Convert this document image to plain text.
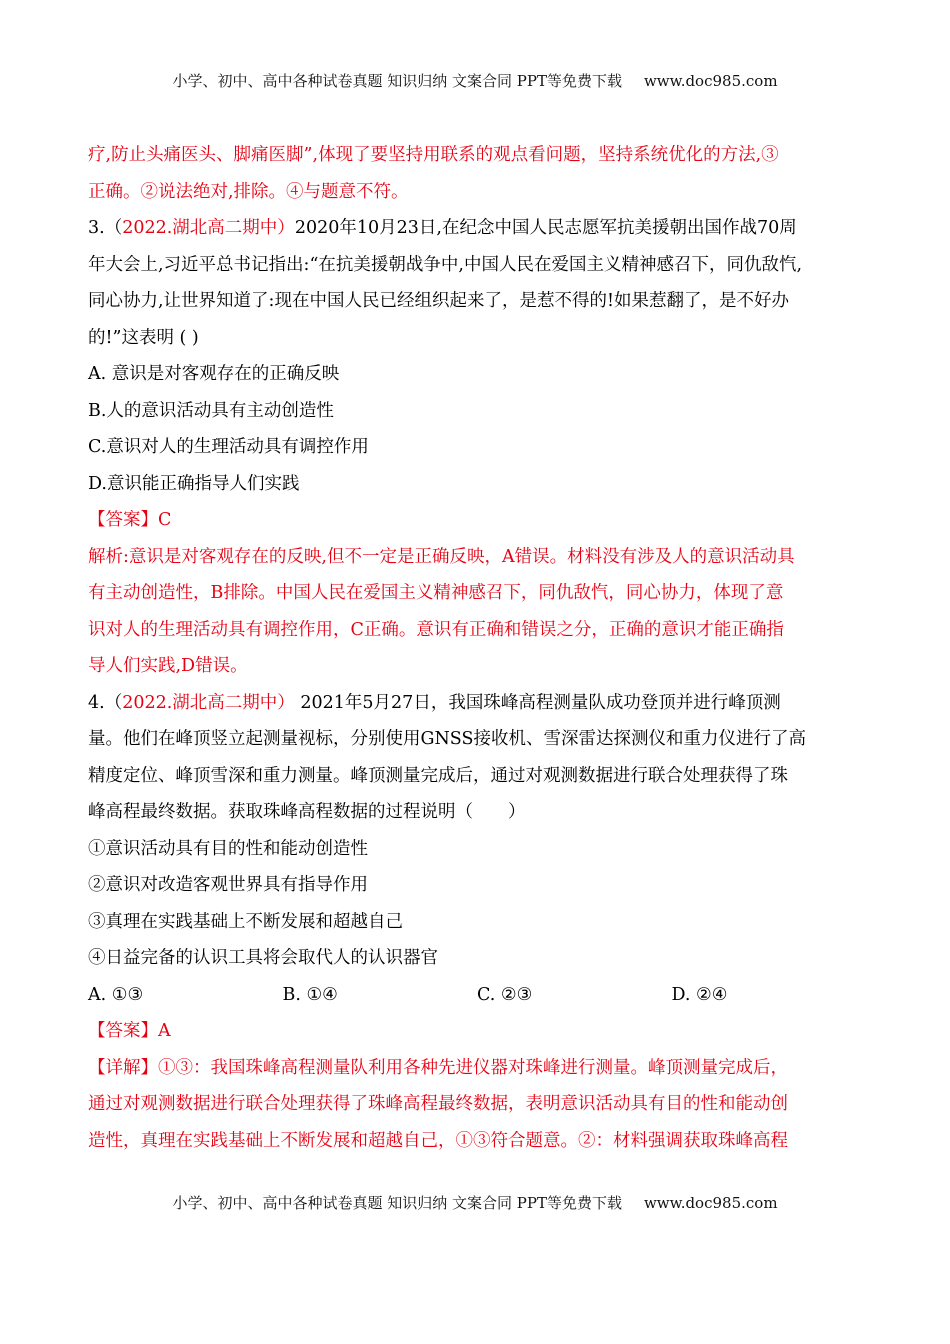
小学、初中、高中各种试卷真题 知识归纳 文案合同 PPT等免费下载 www.doc985.com

疗,防止头痛医头、脚痛医脚”,体现了要坚持用联系的观点看问题，坚持系统优化的方法,③

正确。②说法绝对,排除。④与题意不符。

3.（2022.湖北高二期中）2020年10月23日,在纪念中国人民志愿军抗美援朝出国作战70周

年大会上,习近平总书记指出:“在抗美援朝战争中,中国人民在爱国主义精神感召下，同仇敌忾,

同心协力,让世界知道了:现在中国人民已经组织起来了，是惹不得的!如果惹翻了，是不好办

的!”这表明 ( )

A. 意识是对客观存在的正确反映

B.人的意识活动具有主动创造性

C.意识对人的生理活动具有调控作用

D.意识能正确指导人们实践

【答案】C

解析:意识是对客观存在的反映,但不一定是正确反映，A错误。材料没有涉及人的意识活动具

有主动创造性，B排除。中国人民在爱国主义精神感召下，同仇敌忾，同心协力，体现了意

识对人的生理活动具有调控作用，C正确。意识有正确和错误之分，正确的意识才能正确指

导人们实践,D错误。

4.（2022.湖北高二期中） 2021年5月27日，我国珠峰高程测量队成功登顶并进行峰顶测

量。他们在峰顶竖立起测量视标，分别使用GNSS接收机、雪深雷达探测仪和重力仪进行了高

精度定位、峰顶雪深和重力测量。峰顶测量完成后，通过对观测数据进行联合处理获得了珠

峰高程最终数据。获取珠峰高程数据的过程说明（　　）

①意识活动具有目的性和能动创造性

②意识对改造客观世界具有指导作用

③真理在实践基础上不断发展和超越自己

④日益完备的认识工具将会取代人的认识器官

A. ①③	B. ①④	C. ②③	D. ②④

【答案】A

【详解】①③：我国珠峰高程测量队利用各种先进仪器对珠峰进行测量。峰顶测量完成后，

通过对观测数据进行联合处理获得了珠峰高程最终数据，表明意识活动具有目的性和能动创

造性，真理在实践基础上不断发展和超越自己，①③符合题意。②：材料强调获取珠峰高程

小学、初中、高中各种试卷真题 知识归纳 文案合同 PPT等免费下载 www.doc985.com
